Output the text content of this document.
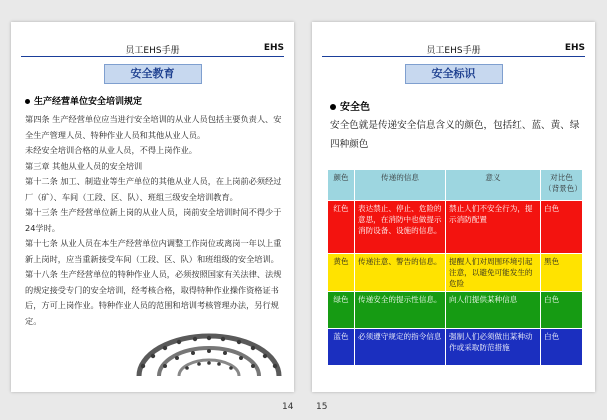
员工EHS手册	EHS
安全教育
生产经营单位安全培训规定

第四条 生产经营单位应当进行安全培训的从业人员包括主要负责人、安全生产管理人员、特种作业人员和其他从业人员。

未经安全培训合格的从业人员，不得上岗作业。

第三章 其他从业人员的安全培训

第十二条 加工、制造业等生产单位的其他从业人员，在上岗前必须经过厂（矿）、车间（工段、区、队）、班组三级安全培训教育。

第十三条 生产经营单位新上岗的从业人员，岗前安全培训时间不得少于24学时。

第十七条 从业人员在本生产经营单位内调整工作岗位或离岗一年以上重新上岗时，应当重新接受车间（工段、区、队）和班组级的安全培训。

第十八条 生产经营单位的特种作业人员，必须按照国家有关法律、法规的规定接受专门的安全培训，经考核合格，取得特种作业操作资格证书后，方可上岗作业。特种作业人员的范围和培训考核管理办法，另行规定。

14
员工EHS手册	EHS
安全标识
安全色
安全色就是传递安全信息含义的颜色，包括红、蓝、黄、绿四种颜色
颜色	传递的信息	意义	对比色（背景色）
红色	表达禁止、停止、危险的意思，在消防中也做提示消防设备、设施的信息。	禁止人们不安全行为，提示消防配置	白色
黄色	传递注意、警告的信息。	提醒人们对周围环境引起注意，以避免可能发生的危险	黑色
绿色	传递安全的提示性信息。	向人们提供某种信息	白色
蓝色	必须遵守规定的指令信息	强制人们必须做出某种动作或采取防范措施	白色
15
